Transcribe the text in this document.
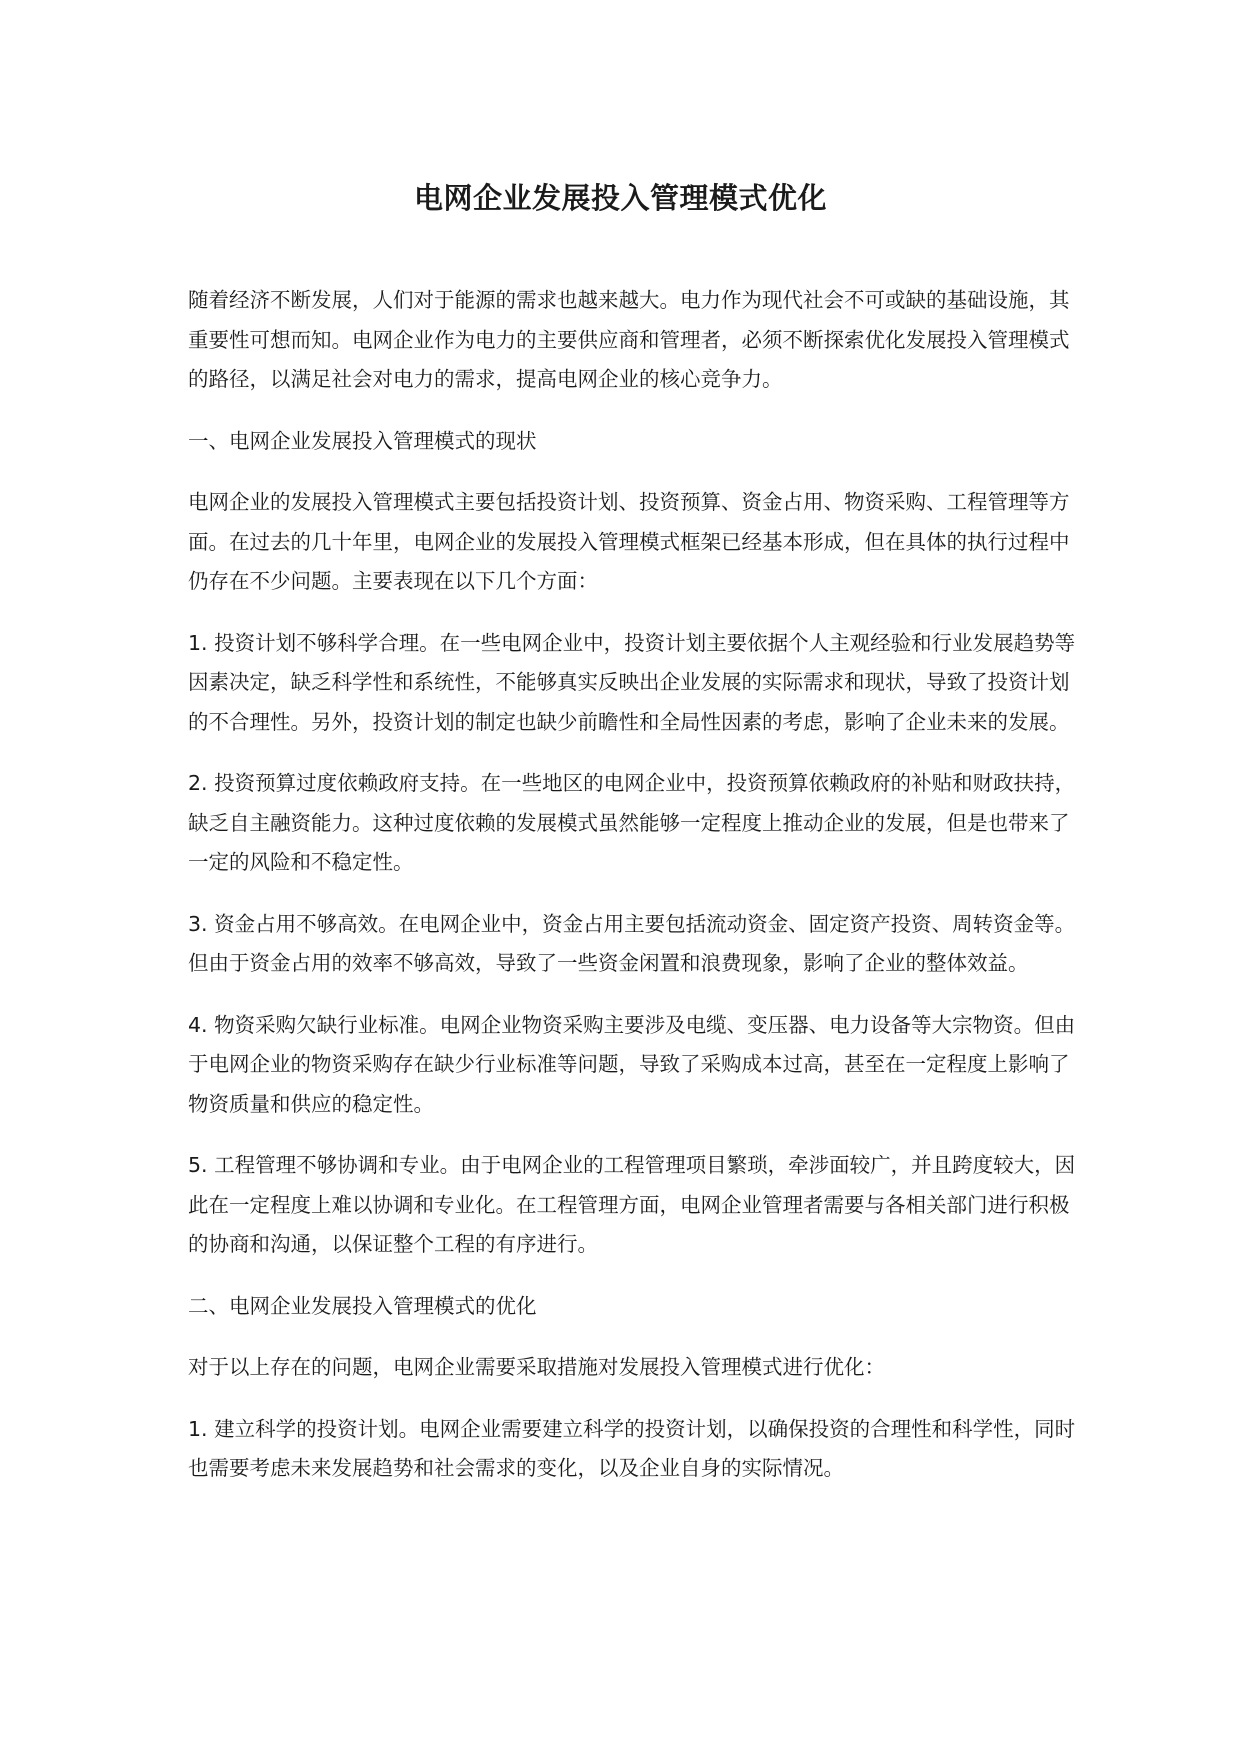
电网企业发展投入管理模式优化

随着经济不断发展，人们对于能源的需求也越来越大。电力作为现代社会不可或缺的基础设施，其重要性可想而知。电网企业作为电力的主要供应商和管理者，必须不断探索优化发展投入管理模式的路径，以满足社会对电力的需求，提高电网企业的核心竞争力。

一、电网企业发展投入管理模式的现状

电网企业的发展投入管理模式主要包括投资计划、投资预算、资金占用、物资采购、工程管理等方面。在过去的几十年里，电网企业的发展投入管理模式框架已经基本形成，但在具体的执行过程中仍存在不少问题。主要表现在以下几个方面：

1. 投资计划不够科学合理。在一些电网企业中，投资计划主要依据个人主观经验和行业发展趋势等因素决定，缺乏科学性和系统性，不能够真实反映出企业发展的实际需求和现状，导致了投资计划的不合理性。另外，投资计划的制定也缺少前瞻性和全局性因素的考虑，影响了企业未来的发展。

2. 投资预算过度依赖政府支持。在一些地区的电网企业中，投资预算依赖政府的补贴和财政扶持，缺乏自主融资能力。这种过度依赖的发展模式虽然能够一定程度上推动企业的发展，但是也带来了一定的风险和不稳定性。

3. 资金占用不够高效。在电网企业中，资金占用主要包括流动资金、固定资产投资、周转资金等。但由于资金占用的效率不够高效，导致了一些资金闲置和浪费现象，影响了企业的整体效益。

4. 物资采购欠缺行业标准。电网企业物资采购主要涉及电缆、变压器、电力设备等大宗物资。但由于电网企业的物资采购存在缺少行业标准等问题，导致了采购成本过高，甚至在一定程度上影响了物资质量和供应的稳定性。

5. 工程管理不够协调和专业。由于电网企业的工程管理项目繁琐，牵涉面较广，并且跨度较大，因此在一定程度上难以协调和专业化。在工程管理方面，电网企业管理者需要与各相关部门进行积极的协商和沟通，以保证整个工程的有序进行。

二、电网企业发展投入管理模式的优化

对于以上存在的问题，电网企业需要采取措施对发展投入管理模式进行优化：

1. 建立科学的投资计划。电网企业需要建立科学的投资计划，以确保投资的合理性和科学性，同时也需要考虑未来发展趋势和社会需求的变化，以及企业自身的实际情况。
